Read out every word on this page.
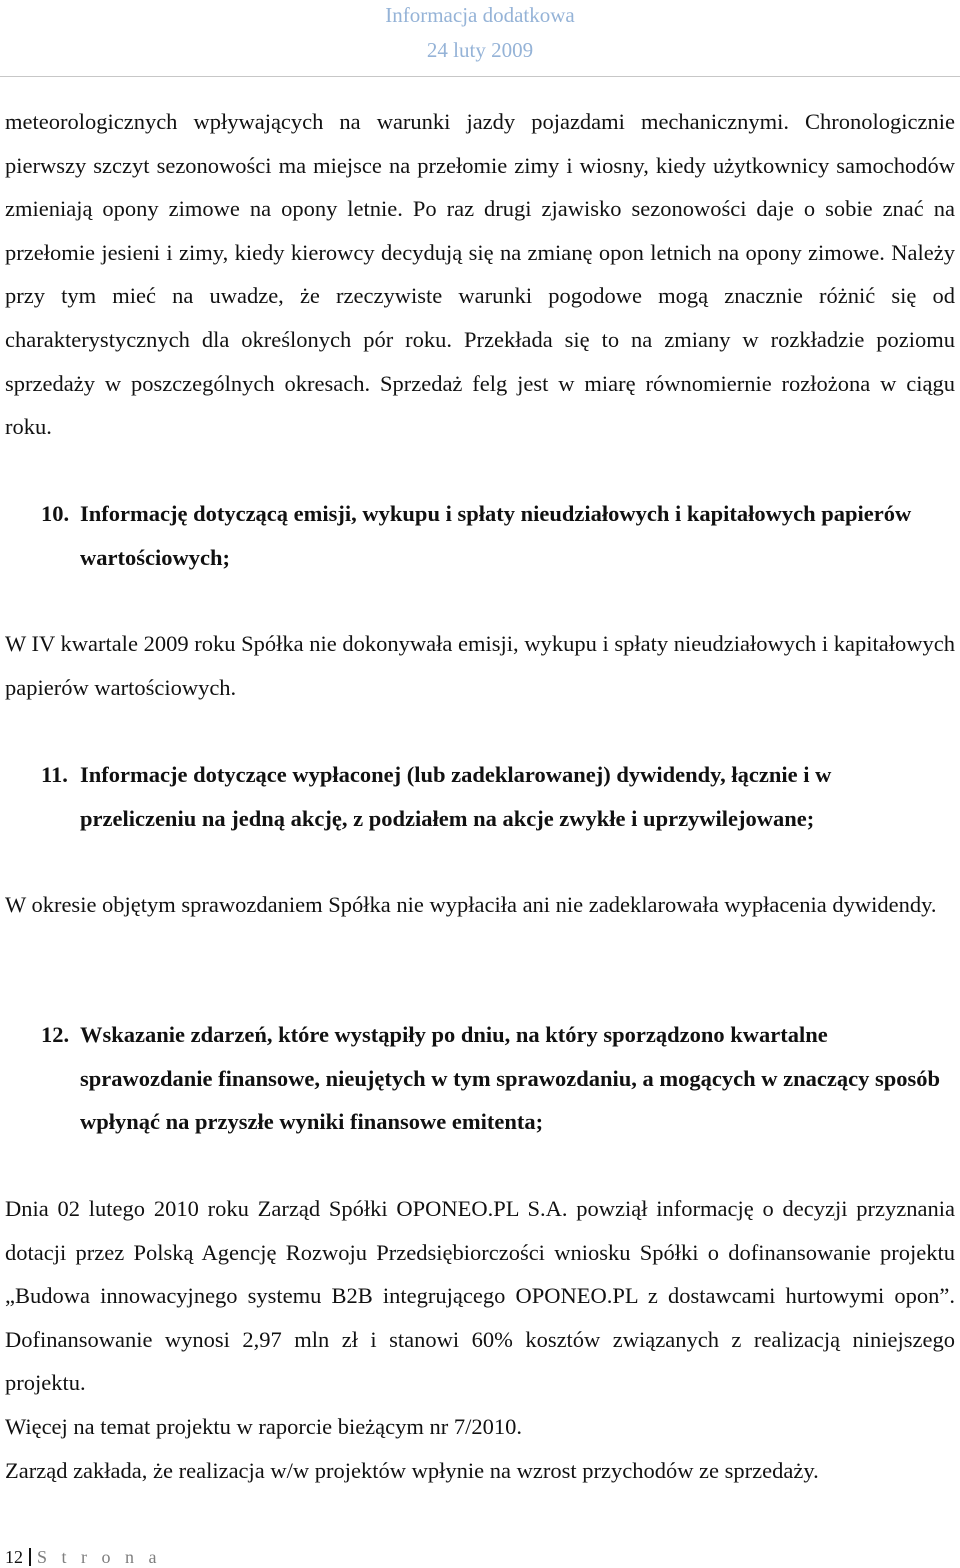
Informacja dodatkowa
24 luty 2009

meteorologicznych wpływających na warunki jazdy pojazdami mechanicznymi. Chronologicznie pierwszy szczyt sezonowości ma miejsce na przełomie zimy i wiosny, kiedy użytkownicy samochodów zmieniają opony zimowe na opony letnie. Po raz drugi zjawisko sezonowości daje o sobie znać na przełomie jesieni i zimy, kiedy kierowcy decydują się na zmianę opon letnich na opony zimowe. Należy przy tym mieć na uwadze, że rzeczywiste warunki pogodowe mogą znacznie różnić się od charakterystycznych dla określonych pór roku. Przekłada się to na zmiany w rozkładzie poziomu sprzedaży w poszczególnych okresach. Sprzedaż felg jest w miarę równomiernie rozłożona w ciągu roku.

10. Informację dotyczącą emisji, wykupu i spłaty nieudziałowych i kapitałowych papierów wartościowych;

W IV kwartale 2009 roku Spółka nie dokonywała emisji, wykupu i spłaty nieudziałowych i kapitałowych papierów wartościowych.

11. Informacje dotyczące wypłaconej (lub zadeklarowanej) dywidendy, łącznie i w przeliczeniu na jedną akcję, z podziałem na akcje zwykłe i uprzywilejowane;

W okresie objętym sprawozdaniem Spółka nie wypłaciła ani nie zadeklarowała wypłacenia dywidendy.

12. Wskazanie zdarzeń, które wystąpiły po dniu, na który sporządzono kwartalne sprawozdanie finansowe, nieujętych w tym sprawozdaniu, a mogących w znaczący sposób wpłynąć na przyszłe wyniki finansowe emitenta;

Dnia 02 lutego 2010 roku Zarząd Spółki OPONEO.PL S.A. powziął informację o decyzji przyznania dotacji przez Polską Agencję Rozwoju Przedsiębiorczości wniosku Spółki o dofinansowanie projektu „Budowa innowacyjnego systemu B2B integrującego OPONEO.PL z dostawcami hurtowymi opon”. Dofinansowanie wynosi 2,97 mln zł i stanowi 60% kosztów związanych z realizacją niniejszego projektu.

Więcej na temat projektu w raporcie bieżącym nr 7/2010.

Zarząd zakłada, że realizacja w/w projektów wpłynie na wzrost przychodów ze sprzedaży.

12 S t r o n a
